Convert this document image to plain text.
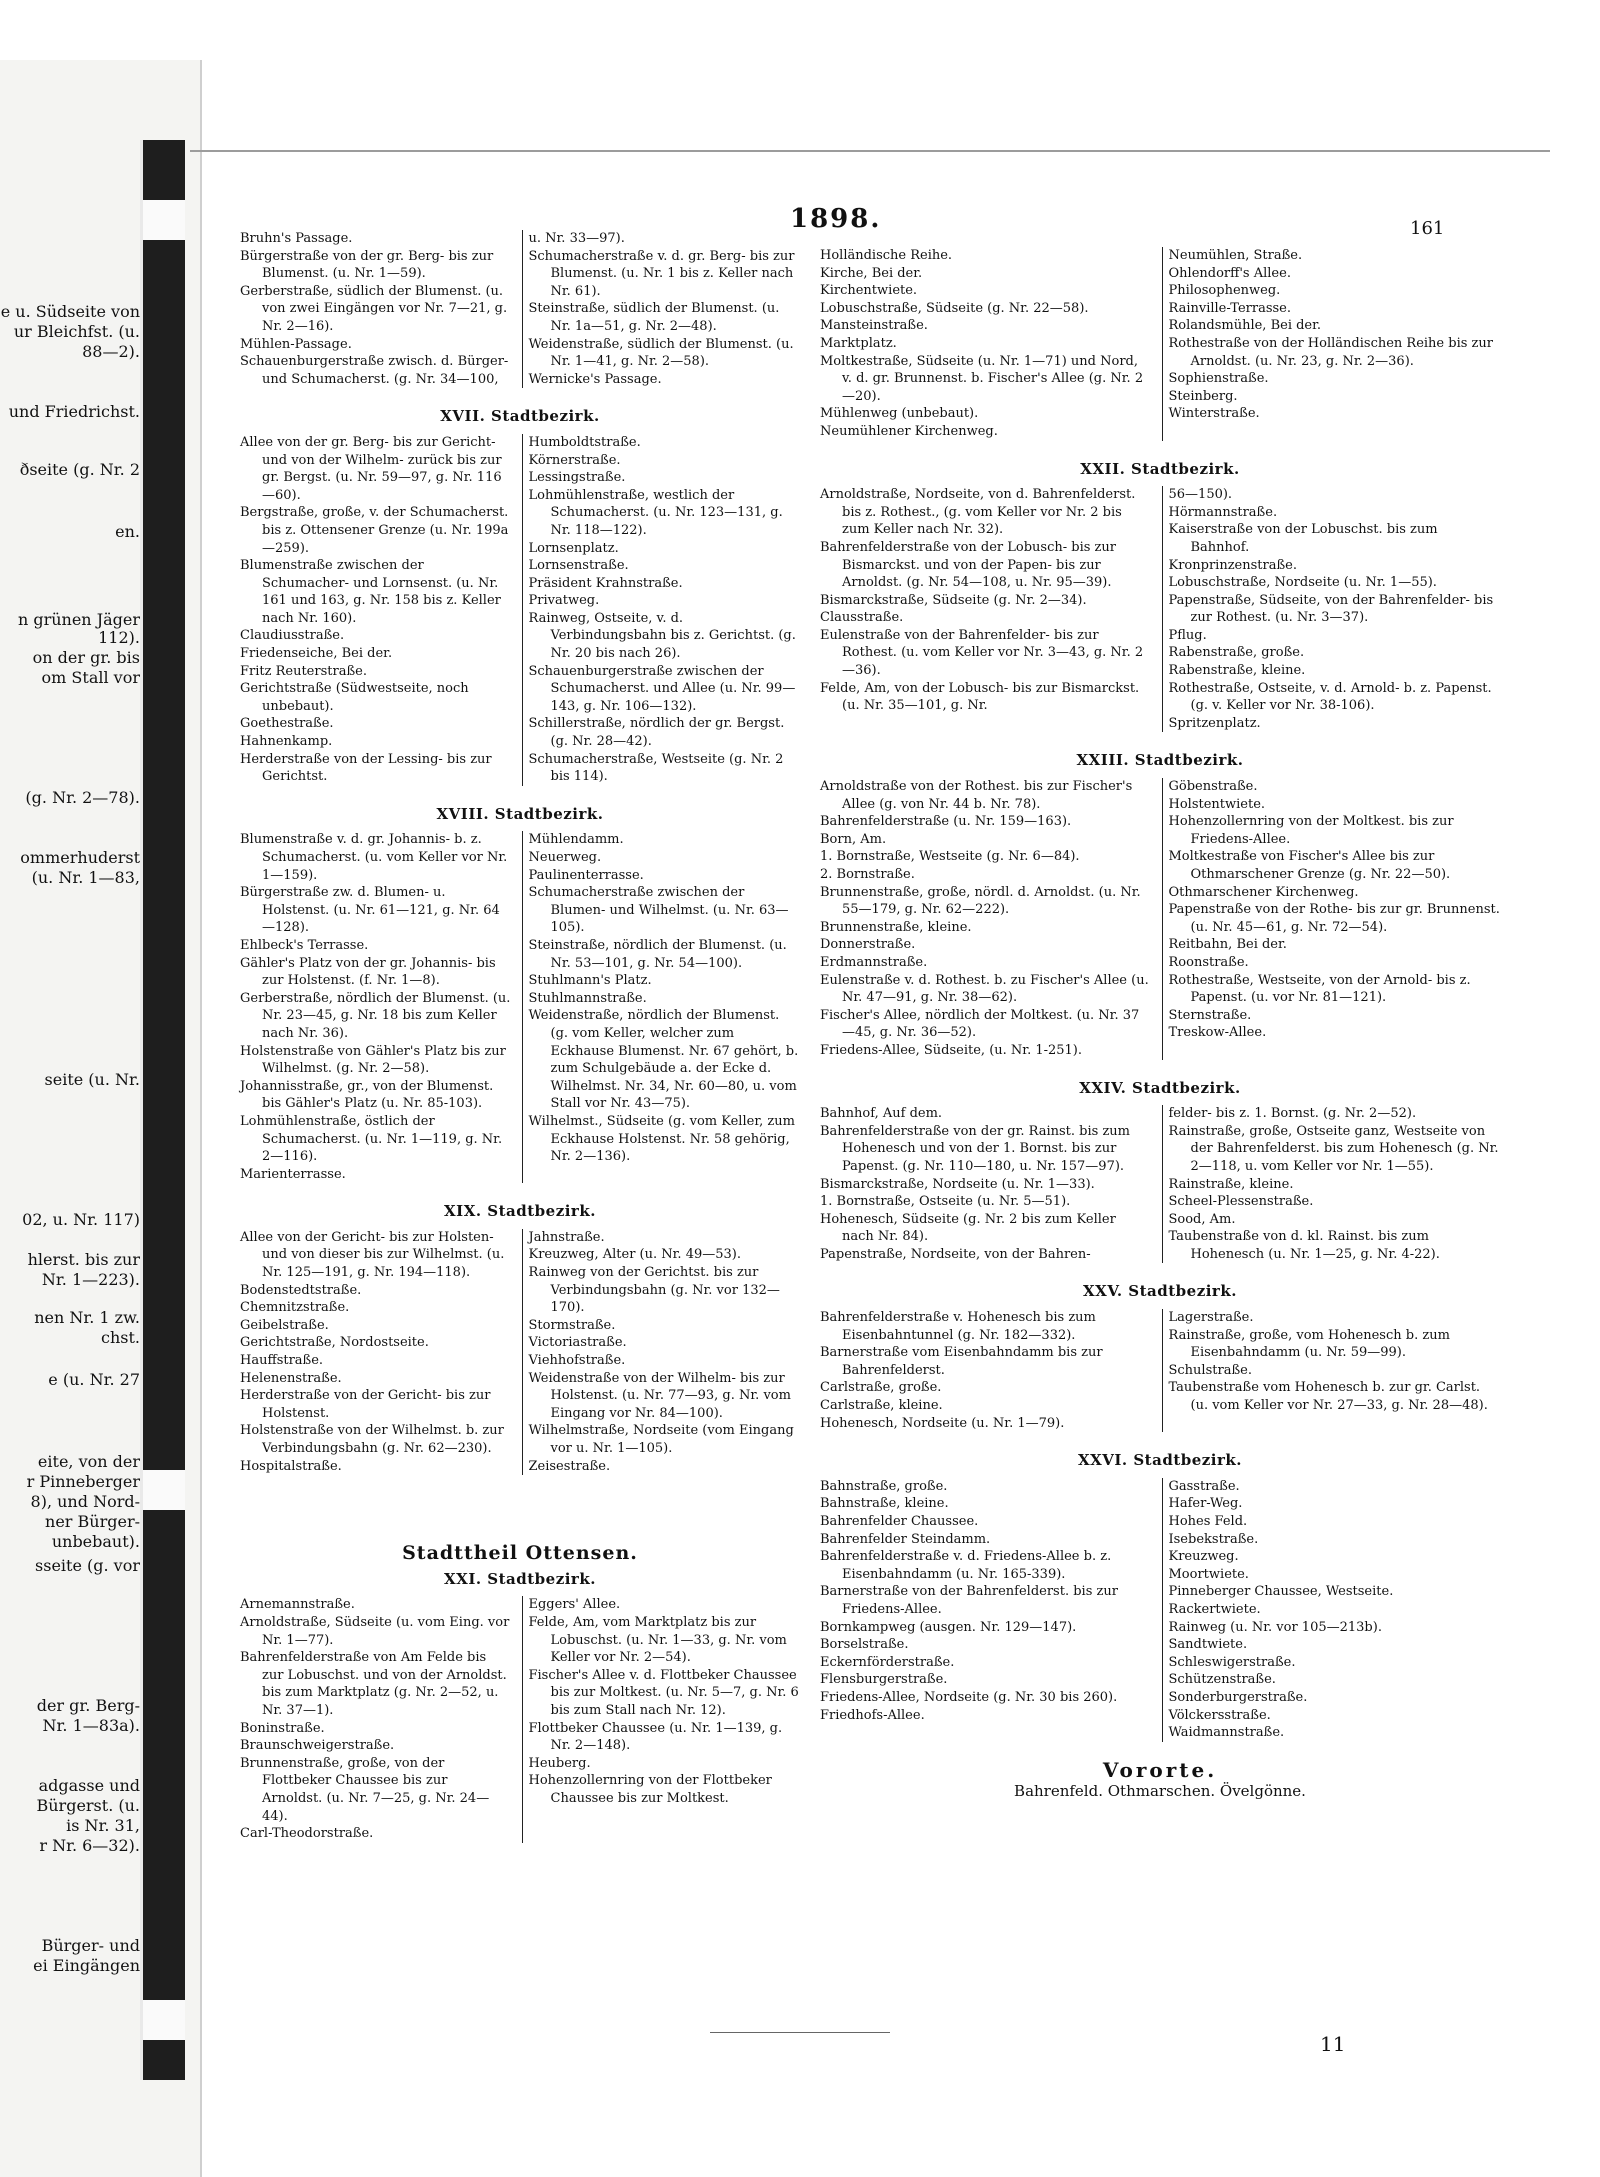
e u. Südseite von
ur Bleichfst. (u.
88—2).
und Friedrichst.
ðseite (g. Nr. 2
en.
n grünen Jäger
112).
on der gr. bis
om Stall vor
(g. Nr. 2—78).
ommerhuderst
(u. Nr. 1—83,
seite (u. Nr.
02, u. Nr. 117)
hlerst. bis zur
Nr. 1—223).
nen Nr. 1 zw.
chst.
e (u. Nr. 27
eite, von der
r Pinneberger
8), und Nord-
ner Bürger-
unbebaut).
sseite (g. vor
der gr. Berg-
Nr. 1—83a).
adgasse und
Bürgerst. (u.
is Nr. 31,
r Nr. 6—32).
Bürger- und
ei Eingängen
1898.	161
Bruhn's Passage.
Bürgerstraße von der gr. Berg- bis zur Blumenst. (u. Nr. 1—59).
Gerberstraße, südlich der Blumenst. (u. von zwei Eingängen vor Nr. 7—21, g. Nr. 2—16).
Mühlen-Passage.
Schauenburgerstraße zwisch. d. Bürger- und Schumacherst. (g. Nr. 34—100,
u. Nr. 33—97).
Schumacherstraße v. d. gr. Berg- bis zur Blumenst. (u. Nr. 1 bis z. Keller nach Nr. 61).
Steinstraße, südlich der Blumenst. (u. Nr. 1a—51, g. Nr. 2—48).
Weidenstraße, südlich der Blumenst. (u. Nr. 1—41, g. Nr. 2—58).
Wernicke's Passage.
XVII. Stadtbezirk.
Allee von der gr. Berg- bis zur Gericht- und von der Wilhelm- zurück bis zur gr. Bergst. (u. Nr. 59—97, g. Nr. 116—60).
Bergstraße, große, v. der Schumacherst. bis z. Ottensener Grenze (u. Nr. 199a —259).
Blumenstraße zwischen der Schumacher- und Lornsenst. (u. Nr. 161 und 163, g. Nr. 158 bis z. Keller nach Nr. 160).
Claudiusstraße.
Friedenseiche, Bei der.
Fritz Reuterstraße.
Gerichtstraße (Südwestseite, noch unbebaut).
Goethestraße.
Hahnenkamp.
Herderstraße von der Lessing- bis zur Gerichtst.
Humboldtstraße.
Körnerstraße.
Lessingstraße.
Lohmühlenstraße, westlich der Schumacherst. (u. Nr. 123—131, g. Nr. 118—122).
Lornsenplatz.
Lornsenstraße.
Präsident Krahnstraße.
Privatweg.
Rainweg, Ostseite, v. d. Verbindungsbahn bis z. Gerichtst. (g. Nr. 20 bis nach 26).
Schauenburgerstraße zwischen der Schumacherst. und Allee (u. Nr. 99—143, g. Nr. 106—132).
Schillerstraße, nördlich der gr. Bergst. (g. Nr. 28—42).
Schumacherstraße, Westseite (g. Nr. 2 bis 114).
XVIII. Stadtbezirk.
Blumenstraße v. d. gr. Johannis- b. z. Schumacherst. (u. vom Keller vor Nr. 1—159).
Bürgerstraße zw. d. Blumen- u. Holstenst. (u. Nr. 61—121, g. Nr. 64—128).
Ehlbeck's Terrasse.
Gähler's Platz von der gr. Johannis- bis zur Holstenst. (f. Nr. 1—8).
Gerberstraße, nördlich der Blumenst. (u. Nr. 23—45, g. Nr. 18 bis zum Keller nach Nr. 36).
Holstenstraße von Gähler's Platz bis zur Wilhelmst. (g. Nr. 2—58).
Johannisstraße, gr., von der Blumenst. bis Gähler's Platz (u. Nr. 85-103).
Lohmühlenstraße, östlich der Schumacherst. (u. Nr. 1—119, g. Nr. 2—116).
Marienterrasse.
Mühlendamm.
Neuerweg.
Paulinenterrasse.
Schumacherstraße zwischen der Blumen- und Wilhelmst. (u. Nr. 63—105).
Steinstraße, nördlich der Blumenst. (u. Nr. 53—101, g. Nr. 54—100).
Stuhlmann's Platz.
Stuhlmannstraße.
Weidenstraße, nördlich der Blumenst. (g. vom Keller, welcher zum Eckhause Blumenst. Nr. 67 gehört, b. zum Schulgebäude a. der Ecke d. Wilhelmst. Nr. 34, Nr. 60—80, u. vom Stall vor Nr. 43—75).
Wilhelmst., Südseite (g. vom Keller, zum Eckhause Holstenst. Nr. 58 gehörig, Nr. 2—136).
XIX. Stadtbezirk.
Allee von der Gericht- bis zur Holsten- und von dieser bis zur Wilhelmst. (u. Nr. 125—191, g. Nr. 194—118).
Bodenstedtstraße.
Chemnitzstraße.
Geibelstraße.
Gerichtstraße, Nordostseite.
Hauffstraße.
Helenenstraße.
Herderstraße von der Gericht- bis zur Holstenst.
Holstenstraße von der Wilhelmst. b. zur Verbindungsbahn (g. Nr. 62—230).
Hospitalstraße.
Jahnstraße.
Kreuzweg, Alter (u. Nr. 49—53).
Rainweg von der Gerichtst. bis zur Verbindungsbahn (g. Nr. vor 132—170).
Stormstraße.
Victoriastraße.
Viehhofstraße.
Weidenstraße von der Wilhelm- bis zur Holstenst. (u. Nr. 77—93, g. Nr. vom Eingang vor Nr. 84—100).
Wilhelmstraße, Nordseite (vom Eingang vor u. Nr. 1—105).
Zeisestraße.
Stadttheil Ottensen.
XXI. Stadtbezirk.
Arnemannstraße.
Arnoldstraße, Südseite (u. vom Eing. vor Nr. 1—77).
Bahrenfelderstraße von Am Felde bis zur Lobuschst. und von der Arnoldst. bis zum Marktplatz (g. Nr. 2—52, u. Nr. 37—1).
Boninstraße.
Braunschweigerstraße.
Brunnenstraße, große, von der Flottbeker Chaussee bis zur Arnoldst. (u. Nr. 7—25, g. Nr. 24—44).
Carl-Theodorstraße.
Eggers' Allee.
Felde, Am, vom Marktplatz bis zur Lobuschst. (u. Nr. 1—33, g. Nr. vom Keller vor Nr. 2—54).
Fischer's Allee v. d. Flottbeker Chaussee bis zur Moltkest. (u. Nr. 5—7, g. Nr. 6 bis zum Stall nach Nr. 12).
Flottbeker Chaussee (u. Nr. 1—139, g. Nr. 2—148).
Heuberg.
Hohenzollernring von der Flottbeker Chaussee bis zur Moltkest.
Holländische Reihe.
Kirche, Bei der.
Kirchentwiete.
Lobuschstraße, Südseite (g. Nr. 22—58).
Mansteinstraße.
Marktplatz.
Moltkestraße, Südseite (u. Nr. 1—71) und Nord, v. d. gr. Brunnenst. b. Fischer's Allee (g. Nr. 2—20).
Mühlenweg (unbebaut).
Neumühlener Kirchenweg.
Neumühlen, Straße.
Ohlendorff's Allee.
Philosophenweg.
Rainville-Terrasse.
Rolandsmühle, Bei der.
Rothestraße von der Holländischen Reihe bis zur Arnoldst. (u. Nr. 23, g. Nr. 2—36).
Sophienstraße.
Steinberg.
Winterstraße.
XXII. Stadtbezirk.
Arnoldstraße, Nordseite, von d. Bahrenfelderst. bis z. Rothest., (g. vom Keller vor Nr. 2 bis zum Keller nach Nr. 32).
Bahrenfelderstraße von der Lobusch- bis zur Bismarckst. und von der Papen- bis zur Arnoldst. (g. Nr. 54—108, u. Nr. 95—39).
Bismarckstraße, Südseite (g. Nr. 2—34).
Clausstraße.
Eulenstraße von der Bahrenfelder- bis zur Rothest. (u. vom Keller vor Nr. 3—43, g. Nr. 2—36).
Felde, Am, von der Lobusch- bis zur Bismarckst. (u. Nr. 35—101, g. Nr.
56—150).
Hörmannstraße.
Kaiserstraße von der Lobuschst. bis zum Bahnhof.
Kronprinzenstraße.
Lobuschstraße, Nordseite (u. Nr. 1—55).
Papenstraße, Südseite, von der Bahrenfelder- bis zur Rothest. (u. Nr. 3—37).
Pflug.
Rabenstraße, große.
Rabenstraße, kleine.
Rothestraße, Ostseite, v. d. Arnold- b. z. Papenst. (g. v. Keller vor Nr. 38-106).
Spritzenplatz.
XXIII. Stadtbezirk.
Arnoldstraße von der Rothest. bis zur Fischer's Allee (g. von Nr. 44 b. Nr. 78).
Bahrenfelderstraße (u. Nr. 159—163).
Born, Am.
1. Bornstraße, Westseite (g. Nr. 6—84).
2. Bornstraße.
Brunnenstraße, große, nördl. d. Arnoldst. (u. Nr. 55—179, g. Nr. 62—222).
Brunnenstraße, kleine.
Donnerstraße.
Erdmannstraße.
Eulenstraße v. d. Rothest. b. zu Fischer's Allee (u. Nr. 47—91, g. Nr. 38—62).
Fischer's Allee, nördlich der Moltkest. (u. Nr. 37—45, g. Nr. 36—52).
Friedens-Allee, Südseite, (u. Nr. 1-251).
Göbenstraße.
Holstentwiete.
Hohenzollernring von der Moltkest. bis zur Friedens-Allee.
Moltkestraße von Fischer's Allee bis zur Othmarschener Grenze (g. Nr. 22—50).
Othmarschener Kirchenweg.
Papenstraße von der Rothe- bis zur gr. Brunnenst. (u. Nr. 45—61, g. Nr. 72—54).
Reitbahn, Bei der.
Roonstraße.
Rothestraße, Westseite, von der Arnold- bis z. Papenst. (u. vor Nr. 81—121).
Sternstraße.
Treskow-Allee.
XXIV. Stadtbezirk.
Bahnhof, Auf dem.
Bahrenfelderstraße von der gr. Rainst. bis zum Hohenesch und von der 1. Bornst. bis zur Papenst. (g. Nr. 110—180, u. Nr. 157—97).
Bismarckstraße, Nordseite (u. Nr. 1—33).
1. Bornstraße, Ostseite (u. Nr. 5—51).
Hohenesch, Südseite (g. Nr. 2 bis zum Keller nach Nr. 84).
Papenstraße, Nordseite, von der Bahren-
felder- bis z. 1. Bornst. (g. Nr. 2—52).
Rainstraße, große, Ostseite ganz, Westseite von der Bahrenfelderst. bis zum Hohenesch (g. Nr. 2—118, u. vom Keller vor Nr. 1—55).
Rainstraße, kleine.
Scheel-Plessenstraße.
Sood, Am.
Taubenstraße von d. kl. Rainst. bis zum Hohenesch (u. Nr. 1—25, g. Nr. 4-22).
XXV. Stadtbezirk.
Bahrenfelderstraße v. Hohenesch bis zum Eisenbahntunnel (g. Nr. 182—332).
Barnerstraße vom Eisenbahndamm bis zur Bahrenfelderst.
Carlstraße, große.
Carlstraße, kleine.
Hohenesch, Nordseite (u. Nr. 1—79).
Lagerstraße.
Rainstraße, große, vom Hohenesch b. zum Eisenbahndamm (u. Nr. 59—99).
Schulstraße.
Taubenstraße vom Hohenesch b. zur gr. Carlst. (u. vom Keller vor Nr. 27—33, g. Nr. 28—48).
XXVI. Stadtbezirk.
Bahnstraße, große.
Bahnstraße, kleine.
Bahrenfelder Chaussee.
Bahrenfelder Steindamm.
Bahrenfelderstraße v. d. Friedens-Allee b. z. Eisenbahndamm (u. Nr. 165-339).
Barnerstraße von der Bahrenfelderst. bis zur Friedens-Allee.
Bornkampweg (ausgen. Nr. 129—147).
Borselstraße.
Eckernförderstraße.
Flensburgerstraße.
Friedens-Allee, Nordseite (g. Nr. 30 bis 260).
Friedhofs-Allee.
Gasstraße.
Hafer-Weg.
Hohes Feld.
Isebekstraße.
Kreuzweg.
Moortwiete.
Pinneberger Chaussee, Westseite.
Rackertwiete.
Rainweg (u. Nr. vor 105—213b).
Sandtwiete.
Schleswigerstraße.
Schützenstraße.
Sonderburgerstraße.
Völckersstraße.
Waidmannstraße.
Vororte.
Bahrenfeld. Othmarschen. Övelgönne.
11
